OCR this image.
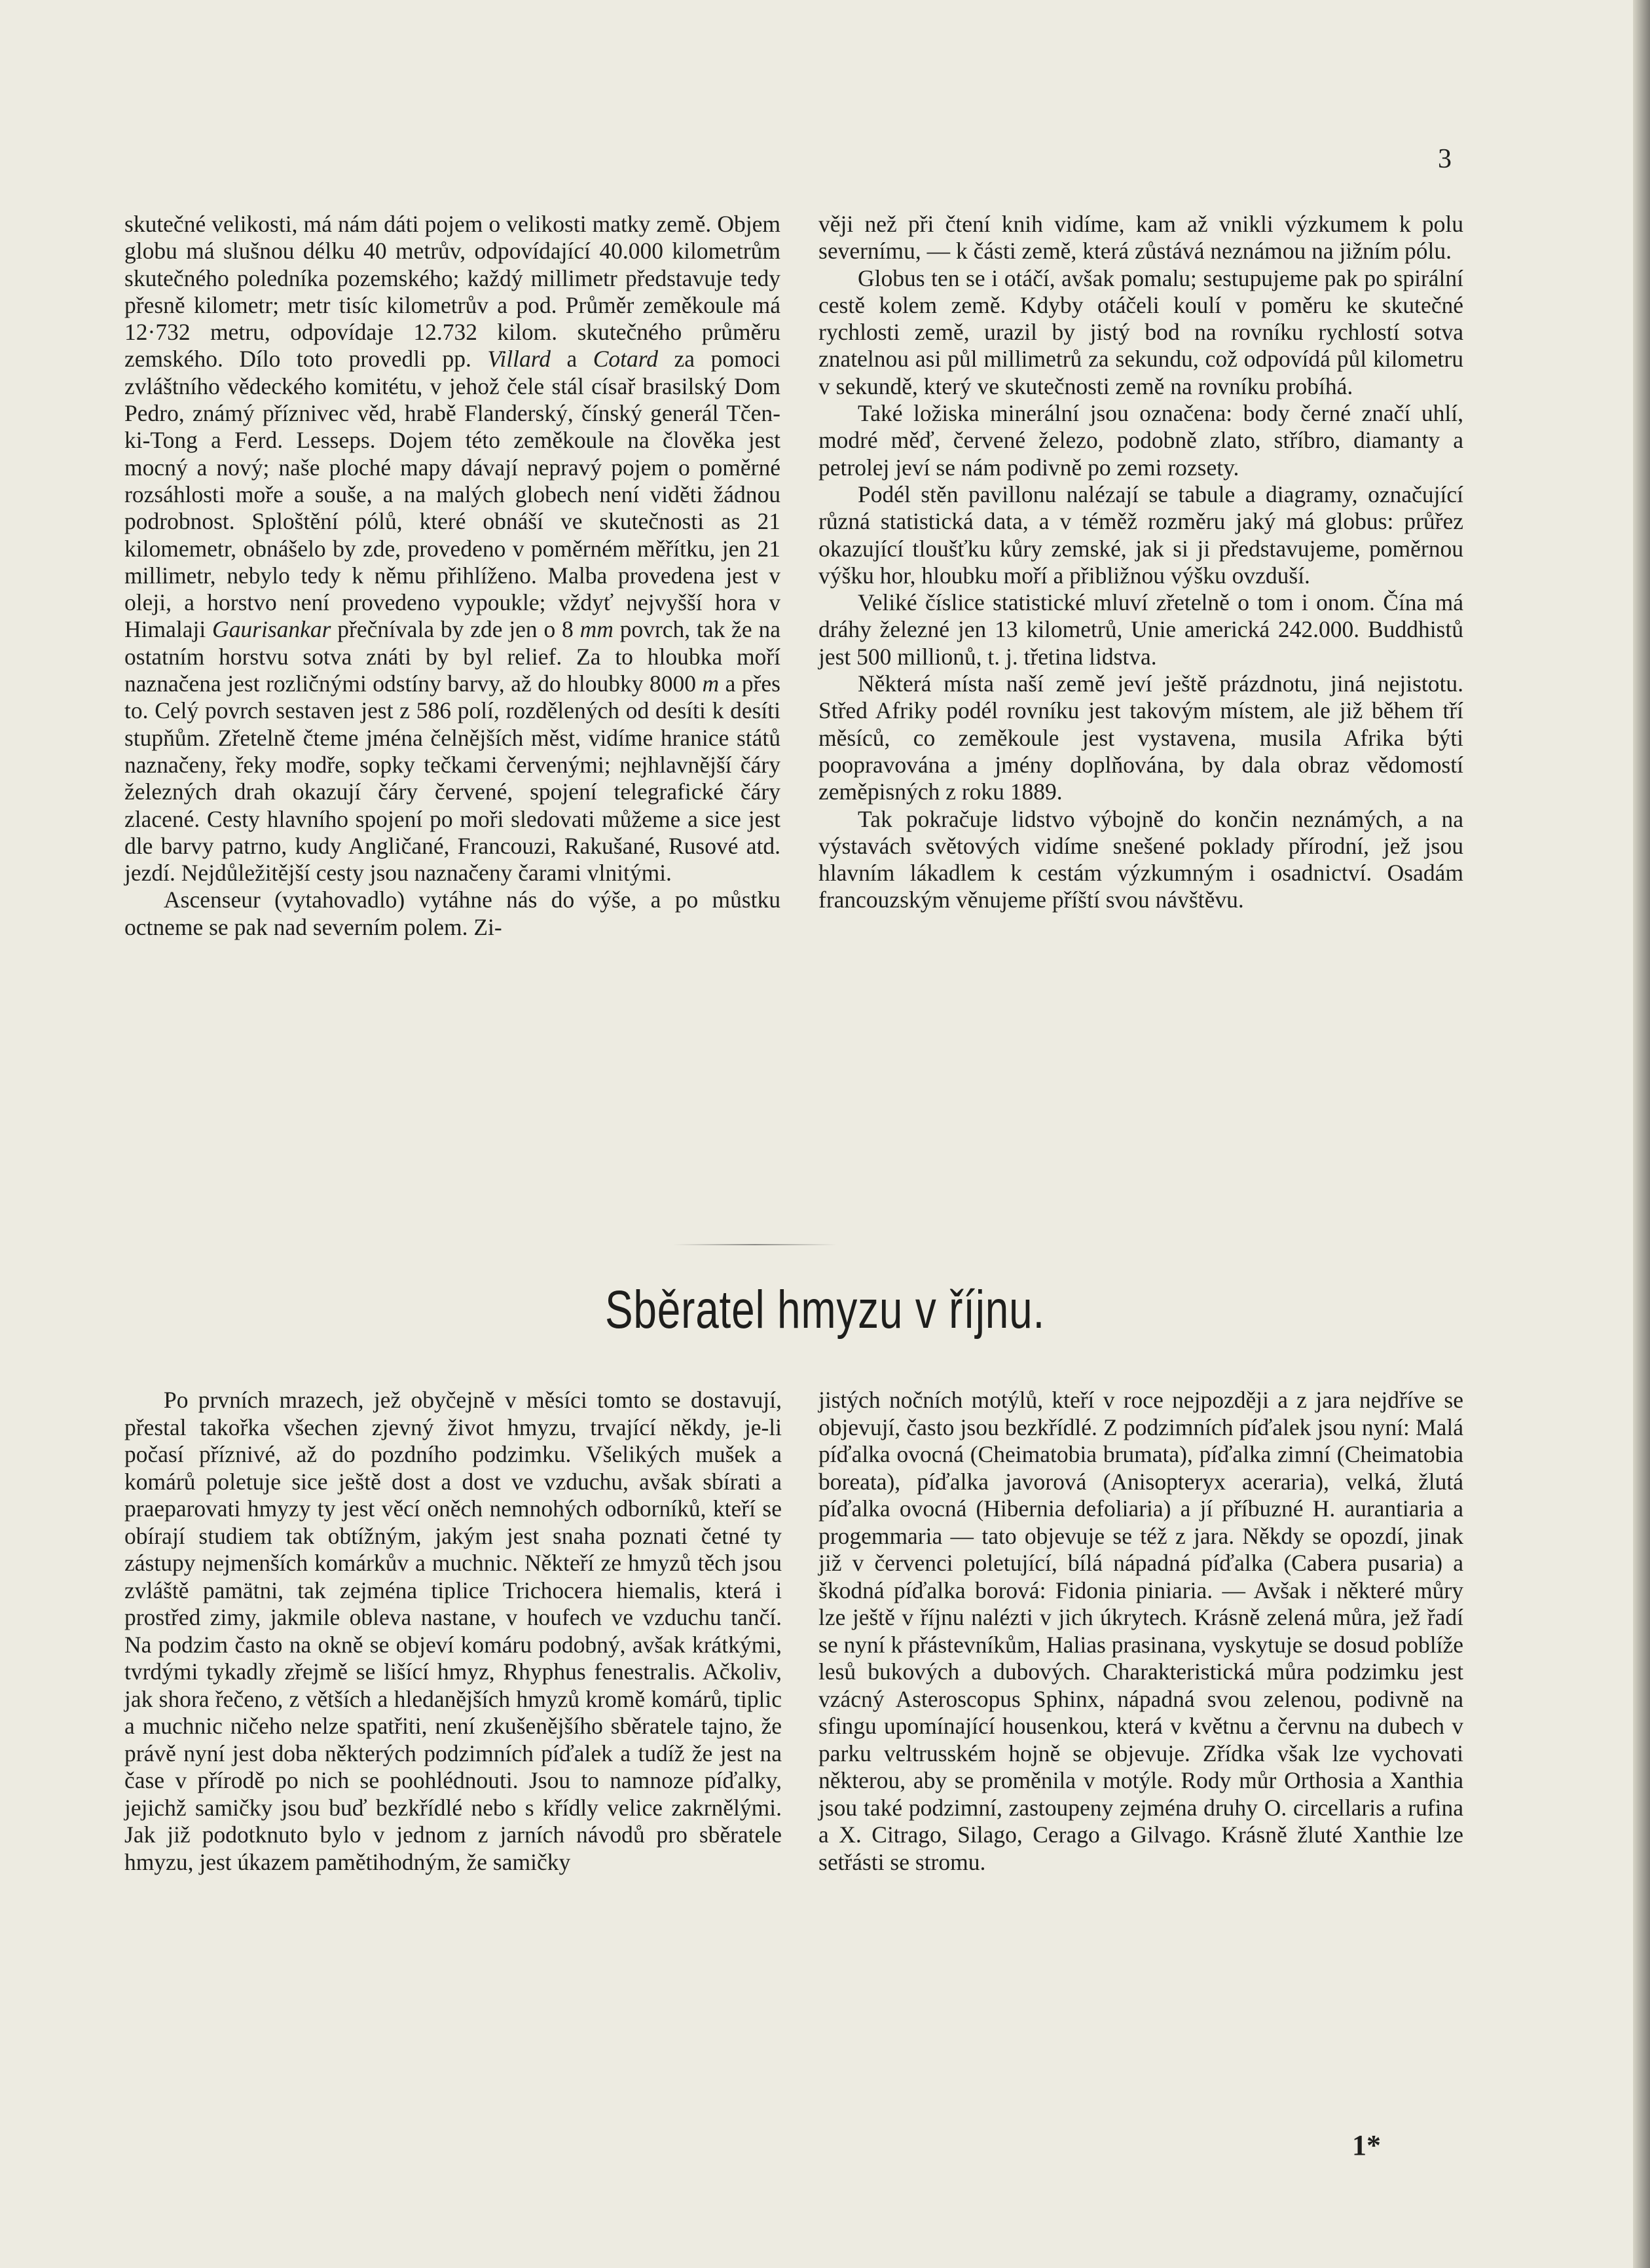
3

skutečné velikosti, má nám dáti pojem o velikosti matky země. Objem globu má slušnou délku 40 metrův, odpovídající 40.000 kilometrům skutečného poledníka pozemského; každý millimetr představuje tedy přesně kilometr; metr tisíc kilometrův a pod. Průměr zeměkoule má 12·732 metru, odpovídaje 12.732 kilom. skutečného průměru zemského. Dílo toto provedli pp. Villard a Cotard za pomoci zvláštního vědeckého komitétu, v jehož čele stál císař brasilský Dom Pedro, známý příznivec věd, hrabě Flanderský, čínský generál Tčen-ki-Tong a Ferd. Lesseps. Dojem této zeměkoule na člověka jest mocný a nový; naše ploché mapy dávají nepravý pojem o poměrné rozsáhlosti moře a souše, a na malých globech není viděti žádnou podrobnost. Sploštění pólů, které obnáší ve skutečnosti as 21 kilomemetr, obnášelo by zde, provedeno v poměrném měřítku, jen 21 millimetr, nebylo tedy k němu přihlíženo. Malba provedena jest v oleji, a horstvo není provedeno vypoukle; vždyť nejvyšší hora v Himalaji Gaurisankar přečnívala by zde jen o 8 mm povrch, tak že na ostatním horstvu sotva znáti by byl relief. Za to hloubka moří naznačena jest rozličnými odstíny barvy, až do hloubky 8000 m a přes to. Celý povrch sestaven jest z 586 polí, rozdělených od desíti k desíti stupňům. Zřetelně čteme jména čelnějších měst, vidíme hranice států naznačeny, řeky modře, sopky tečkami červenými; nejhlavnější čáry železných drah okazují čáry červené, spojení telegrafické čáry zlacené. Cesty hlavního spojení po moři sledovati můžeme a sice jest dle barvy patrno, kudy Angličané, Francouzi, Rakušané, Rusové atd. jezdí. Nejdůležitější cesty jsou naznačeny čarami vlnitými.

Ascenseur (vytahovadlo) vytáhne nás do výše, a po můstku octneme se pak nad severním polem. Zi-

věji než při čtení knih vidíme, kam až vnikli výzkumem k polu severnímu, — k části země, která zůstává neznámou na jižním pólu.

Globus ten se i otáčí, avšak pomalu; sestupujeme pak po spirální cestě kolem země. Kdyby otáčeli koulí v poměru ke skutečné rychlosti země, urazil by jistý bod na rovníku rychlostí sotva znatelnou asi půl millimetrů za sekundu, což odpovídá půl kilometru v sekundě, který ve skutečnosti země na rovníku probíhá.

Také ložiska minerální jsou označena: body černé značí uhlí, modré měď, červené železo, podobně zlato, stříbro, diamanty a petrolej jeví se nám podivně po zemi rozsety.

Podél stěn pavillonu nalézají se tabule a diagramy, označující různá statistická data, a v téměž rozměru jaký má globus: průřez okazující tloušťku kůry zemské, jak si ji představujeme, poměrnou výšku hor, hloubku moří a přibližnou výšku ovzduší.

Veliké číslice statistické mluví zřetelně o tom i onom. Čína má dráhy železné jen 13 kilometrů, Unie americká 242.000. Buddhistů jest 500 millionů, t. j. třetina lidstva.

Některá místa naší země jeví ještě prázdnotu, jiná nejistotu. Střed Afriky podél rovníku jest takovým místem, ale již během tří měsíců, co zeměkoule jest vystavena, musila Afrika býti poopravována a jmény doplňována, by dala obraz vědomostí zeměpisných z roku 1889.

Tak pokračuje lidstvo výbojně do končin neznámých, a na výstavách světových vidíme snešené poklady přírodní, jež jsou hlavním lákadlem k cestám výzkumným i osadnictví. Osadám francouzským věnujeme příští svou návštěvu.

Sběratel hmyzu v říjnu.

Po prvních mrazech, jež obyčejně v měsíci tomto se dostavují, přestal takořka všechen zjevný život hmyzu, trvající někdy, je-li počasí příznivé, až do pozdního podzimku. Všelikých mušek a komárů poletuje sice ještě dost a dost ve vzduchu, avšak sbírati a praeparovati hmyzy ty jest věcí oněch nemnohých odborníků, kteří se obírají studiem tak obtížným, jakým jest snaha poznati četné ty zástupy nejmenších komárkův a muchnic. Někteří ze hmyzů těch jsou zvláště pamätni, tak zejména tiplice Trichocera hiemalis, která i prostřed zimy, jakmile obleva nastane, v houfech ve vzduchu tančí. Na podzim často na okně se objeví komáru podobný, avšak krátkými, tvrdými tykadly zřejmě se lišící hmyz, Rhyphus fenestralis. Ačkoliv, jak shora řečeno, z větších a hledanějších hmyzů kromě komárů, tiplic a muchnic ničeho nelze spatřiti, není zkušenějšího sběratele tajno, že právě nyní jest doba některých podzimních píďalek a tudíž že jest na čase v přírodě po nich se poohlédnouti. Jsou to namnoze píďalky, jejichž samičky jsou buď bezkřídlé nebo s křídly velice zakrnělými. Jak již podotknuto bylo v jednom z jarních návodů pro sběratele hmyzu, jest úkazem pamětihodným, že samičky

jistých nočních motýlů, kteří v roce nejpozději a z jara nejdříve se objevují, často jsou bezkřídlé. Z podzimních píďalek jsou nyní: Malá píďalka ovocná (Cheimatobia brumata), píďalka zimní (Cheimatobia boreata), píďalka javorová (Anisopteryx aceraria), velká, žlutá píďalka ovocná (Hibernia defoliaria) a jí příbuzné H. aurantiaria a progemmaria — tato objevuje se též z jara. Někdy se opozdí, jinak již v červenci poletující, bílá nápadná píďalka (Cabera pusaria) a škodná píďalka borová: Fidonia piniaria. — Avšak i některé můry lze ještě v říjnu nalézti v jich úkrytech. Krásně zelená můra, jež řadí se nyní k přástevníkům, Halias prasinana, vyskytuje se dosud poblíže lesů bukových a dubových. Charakteristická můra podzimku jest vzácný Asteroscopus Sphinx, nápadná svou zelenou, podivně na sfingu upomínající housenkou, která v květnu a červnu na dubech v parku veltrusském hojně se objevuje. Zřídka však lze vychovati některou, aby se proměnila v motýle. Rody můr Orthosia a Xanthia jsou také podzimní, zastoupeny zejména druhy O. circellaris a rufina a X. Citrago, Silago, Cerago a Gilvago. Krásně žluté Xanthie lze setřásti se stromu.

1*
